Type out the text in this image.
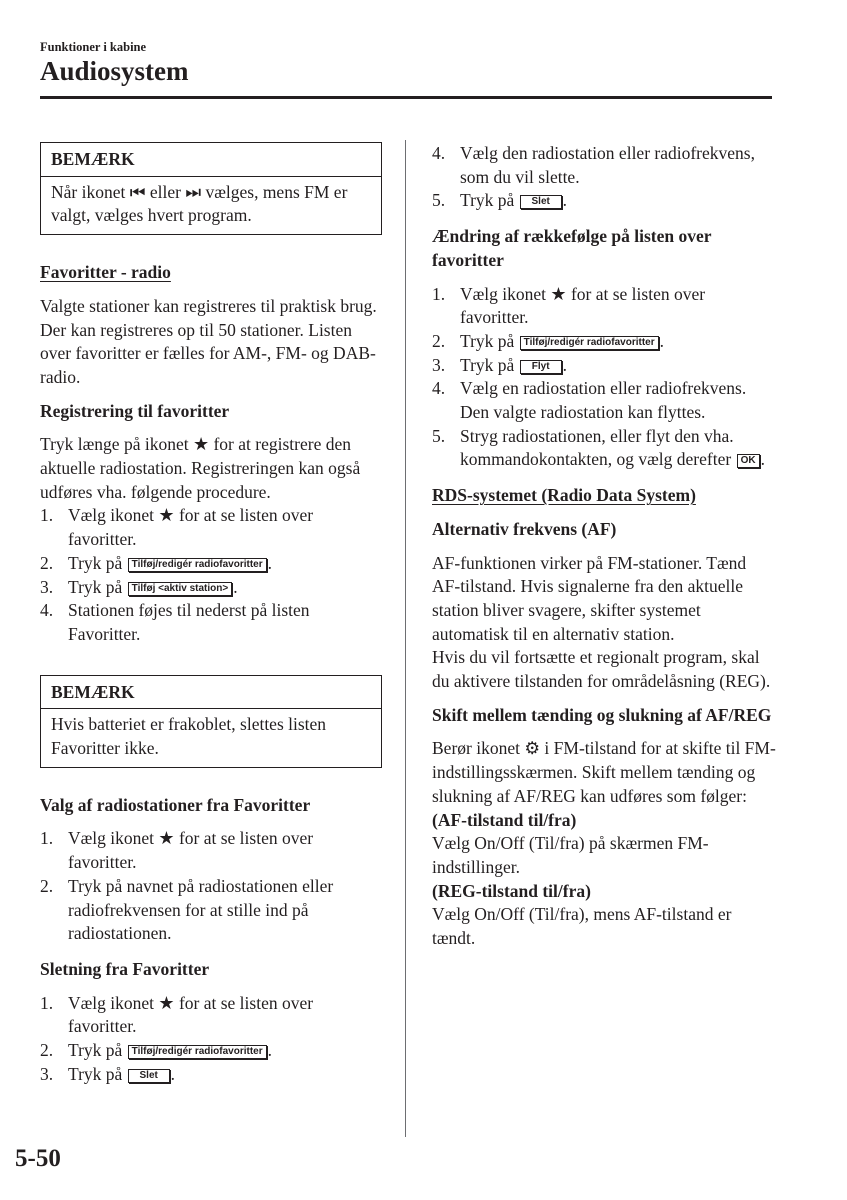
Funktioner i kabine
Audiosystem
BEMÆRK
Når ikonet ⏮ eller ⏭ vælges, mens FM er valgt, vælges hvert program.
Favoritter - radio
Valgte stationer kan registreres til praktisk brug. Der kan registreres op til 50 stationer. Listen over favoritter er fælles for AM-, FM- og DAB-radio.
Registrering til favoritter
Tryk længe på ikonet ★ for at registrere den aktuelle radiostation. Registreringen kan også udføres vha. følgende procedure.
1. Vælg ikonet ★ for at se listen over favoritter.
2. Tryk på Tilføj/redigér radiofavoritter .
3. Tryk på Tilføj <aktiv station> .
4. Stationen føjes til nederst på listen Favoritter.
BEMÆRK
Hvis batteriet er frakoblet, slettes listen Favoritter ikke.
Valg af radiostationer fra Favoritter
1. Vælg ikonet ★ for at se listen over favoritter.
2. Tryk på navnet på radiostationen eller radiofrekvensen for at stille ind på radiostationen.
Sletning fra Favoritter
1. Vælg ikonet ★ for at se listen over favoritter.
2. Tryk på Tilføj/redigér radiofavoritter .
3. Tryk på Slet .
4. Vælg den radiostation eller radiofrekvens, som du vil slette.
5. Tryk på Slet .
Ændring af rækkefølge på listen over favoritter
1. Vælg ikonet ★ for at se listen over favoritter.
2. Tryk på Tilføj/redigér radiofavoritter .
3. Tryk på Flyt .
4. Vælg en radiostation eller radiofrekvens. Den valgte radiostation kan flyttes.
5. Stryg radiostationen, eller flyt den vha. kommandokontakten, og vælg derefter OK .
RDS-systemet (Radio Data System)
Alternativ frekvens (AF)
AF-funktionen virker på FM-stationer. Tænd AF-tilstand. Hvis signalerne fra den aktuelle station bliver svagere, skifter systemet automatisk til en alternativ station.
Hvis du vil fortsætte et regionalt program, skal du aktivere tilstanden for områdelåsning (REG).
Skift mellem tænding og slukning af AF/REG
Berør ikonet ⚙ i FM-tilstand for at skifte til FM-indstillingsskærmen. Skift mellem tænding og slukning af AF/REG kan udføres som følger:
(AF-tilstand til/fra)
Vælg On/Off (Til/fra) på skærmen FM-indstillinger.
(REG-tilstand til/fra)
Vælg On/Off (Til/fra), mens AF-tilstand er tændt.
5-50
